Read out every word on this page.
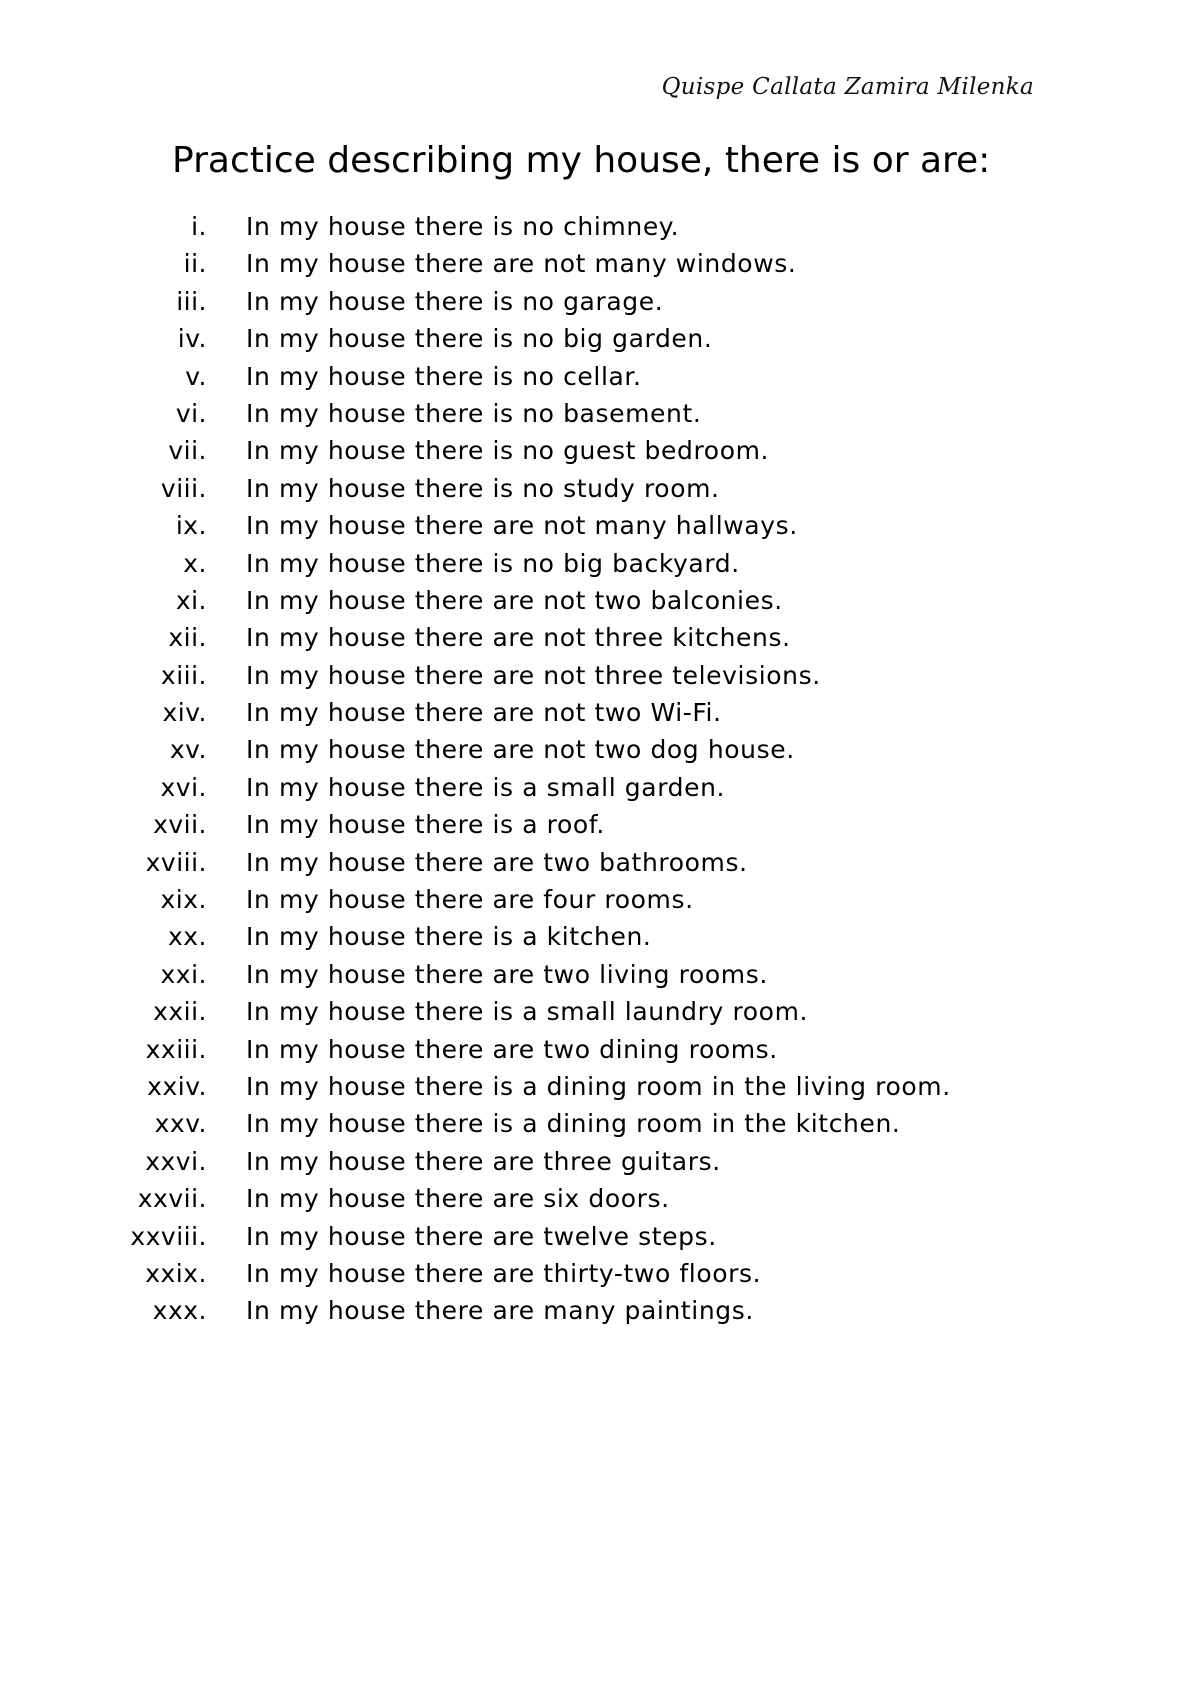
Quispe Callata Zamira Milenka
Practice describing my house, there is or are:
i. In my house there is no chimney.
ii. In my house there are not many windows.
iii. In my house there is no garage.
iv. In my house there is no big garden.
v. In my house there is no cellar.
vi. In my house there is no basement.
vii. In my house there is no guest bedroom.
viii. In my house there is no study room.
ix. In my house there are not many hallways.
x. In my house there is no big backyard.
xi. In my house there are not two balconies.
xii. In my house there are not three kitchens.
xiii. In my house there are not three televisions.
xiv. In my house there are not two Wi-Fi.
xv. In my house there are not two dog house.
xvi. In my house there is a small garden.
xvii. In my house there is a roof.
xviii. In my house there are two bathrooms.
xix. In my house there are four rooms.
xx. In my house there is a kitchen.
xxi. In my house there are two living rooms.
xxii. In my house there is a small laundry room.
xxiii. In my house there are two dining rooms.
xxiv. In my house there is a dining room in the living room.
xxv. In my house there is a dining room in the kitchen.
xxvi. In my house there are three guitars.
xxvii. In my house there are six doors.
xxviii. In my house there are twelve steps.
xxix. In my house there are thirty-two floors.
xxx. In my house there are many paintings.
